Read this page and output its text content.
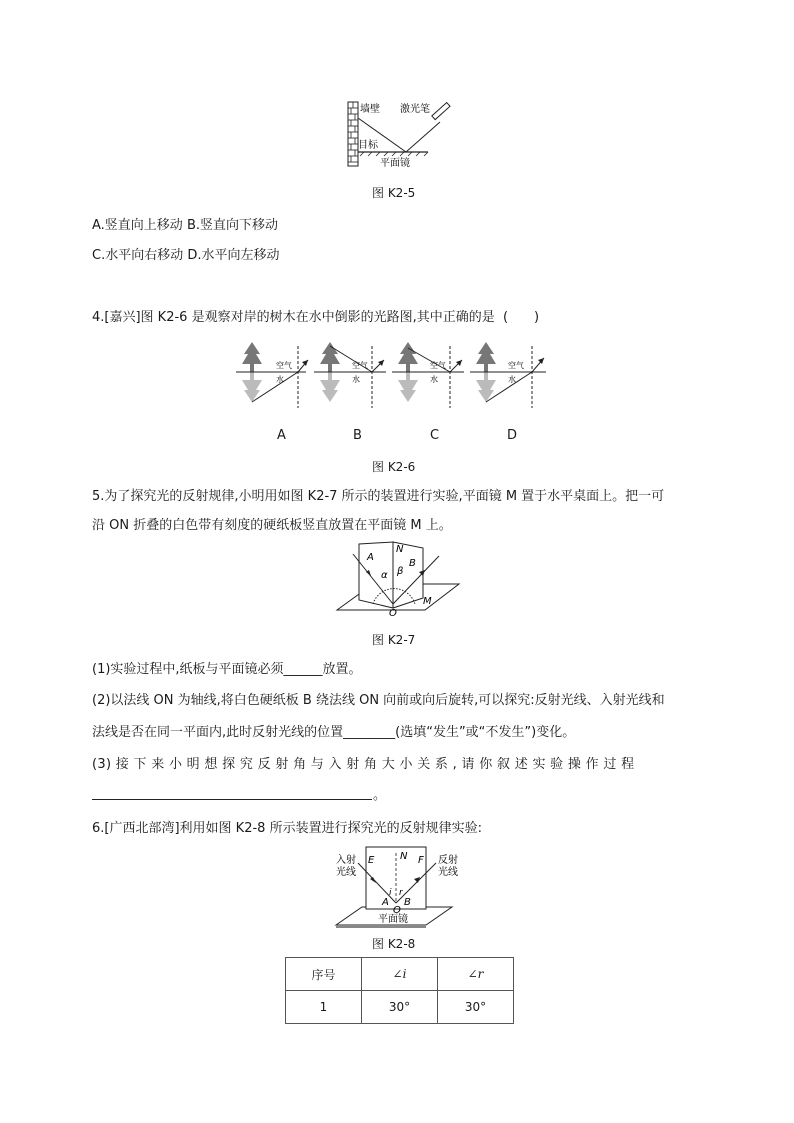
墙壁 激光笔
目标
平面镜
图 K2-5
A.竖直向上移动 B.竖直向下移动
C.水平向右移动 D.水平向左移动
4.[嘉兴]图 K2-6 是观察对岸的树木在水中倒影的光路图,其中正确的是 (　　)
空气
水
空气
水
空气
水
空气
水
A	B	C	D
图 K2-6
5.为了探究光的反射规律,小明用如图 K2-7 所示的装置进行实验,平面镜 M 置于水平桌面上。把一可
沿 ON 折叠的白色带有刻度的硬纸板竖直放置在平面镜 M 上。
A
N
B
α β
O
M
图 K2-7
(1)实验过程中,纸板与平面镜必须______放置。
(2)以法线 ON 为轴线,将白色硬纸板 B 绕法线 ON 向前或向后旋转,可以探究:反射光线、入射光线和
法线是否在同一平面内,此时反射光线的位置________(选填“发生”或“不发生”)变化。
(3) 接 下 来 小 明 想 探 究 反 射 角 与 入 射 角 大 小 关 系 , 请 你 叙 述 实 验 操 作 过 程
。
6.[广西北部湾]利用如图 K2-8 所示装置进行探究光的反射规律实验:
入射
光线
反射
光线
E	N F
i r
A
O
B
平面镜
图 K2-8
序号	∠i	∠r
1	30°	30°
